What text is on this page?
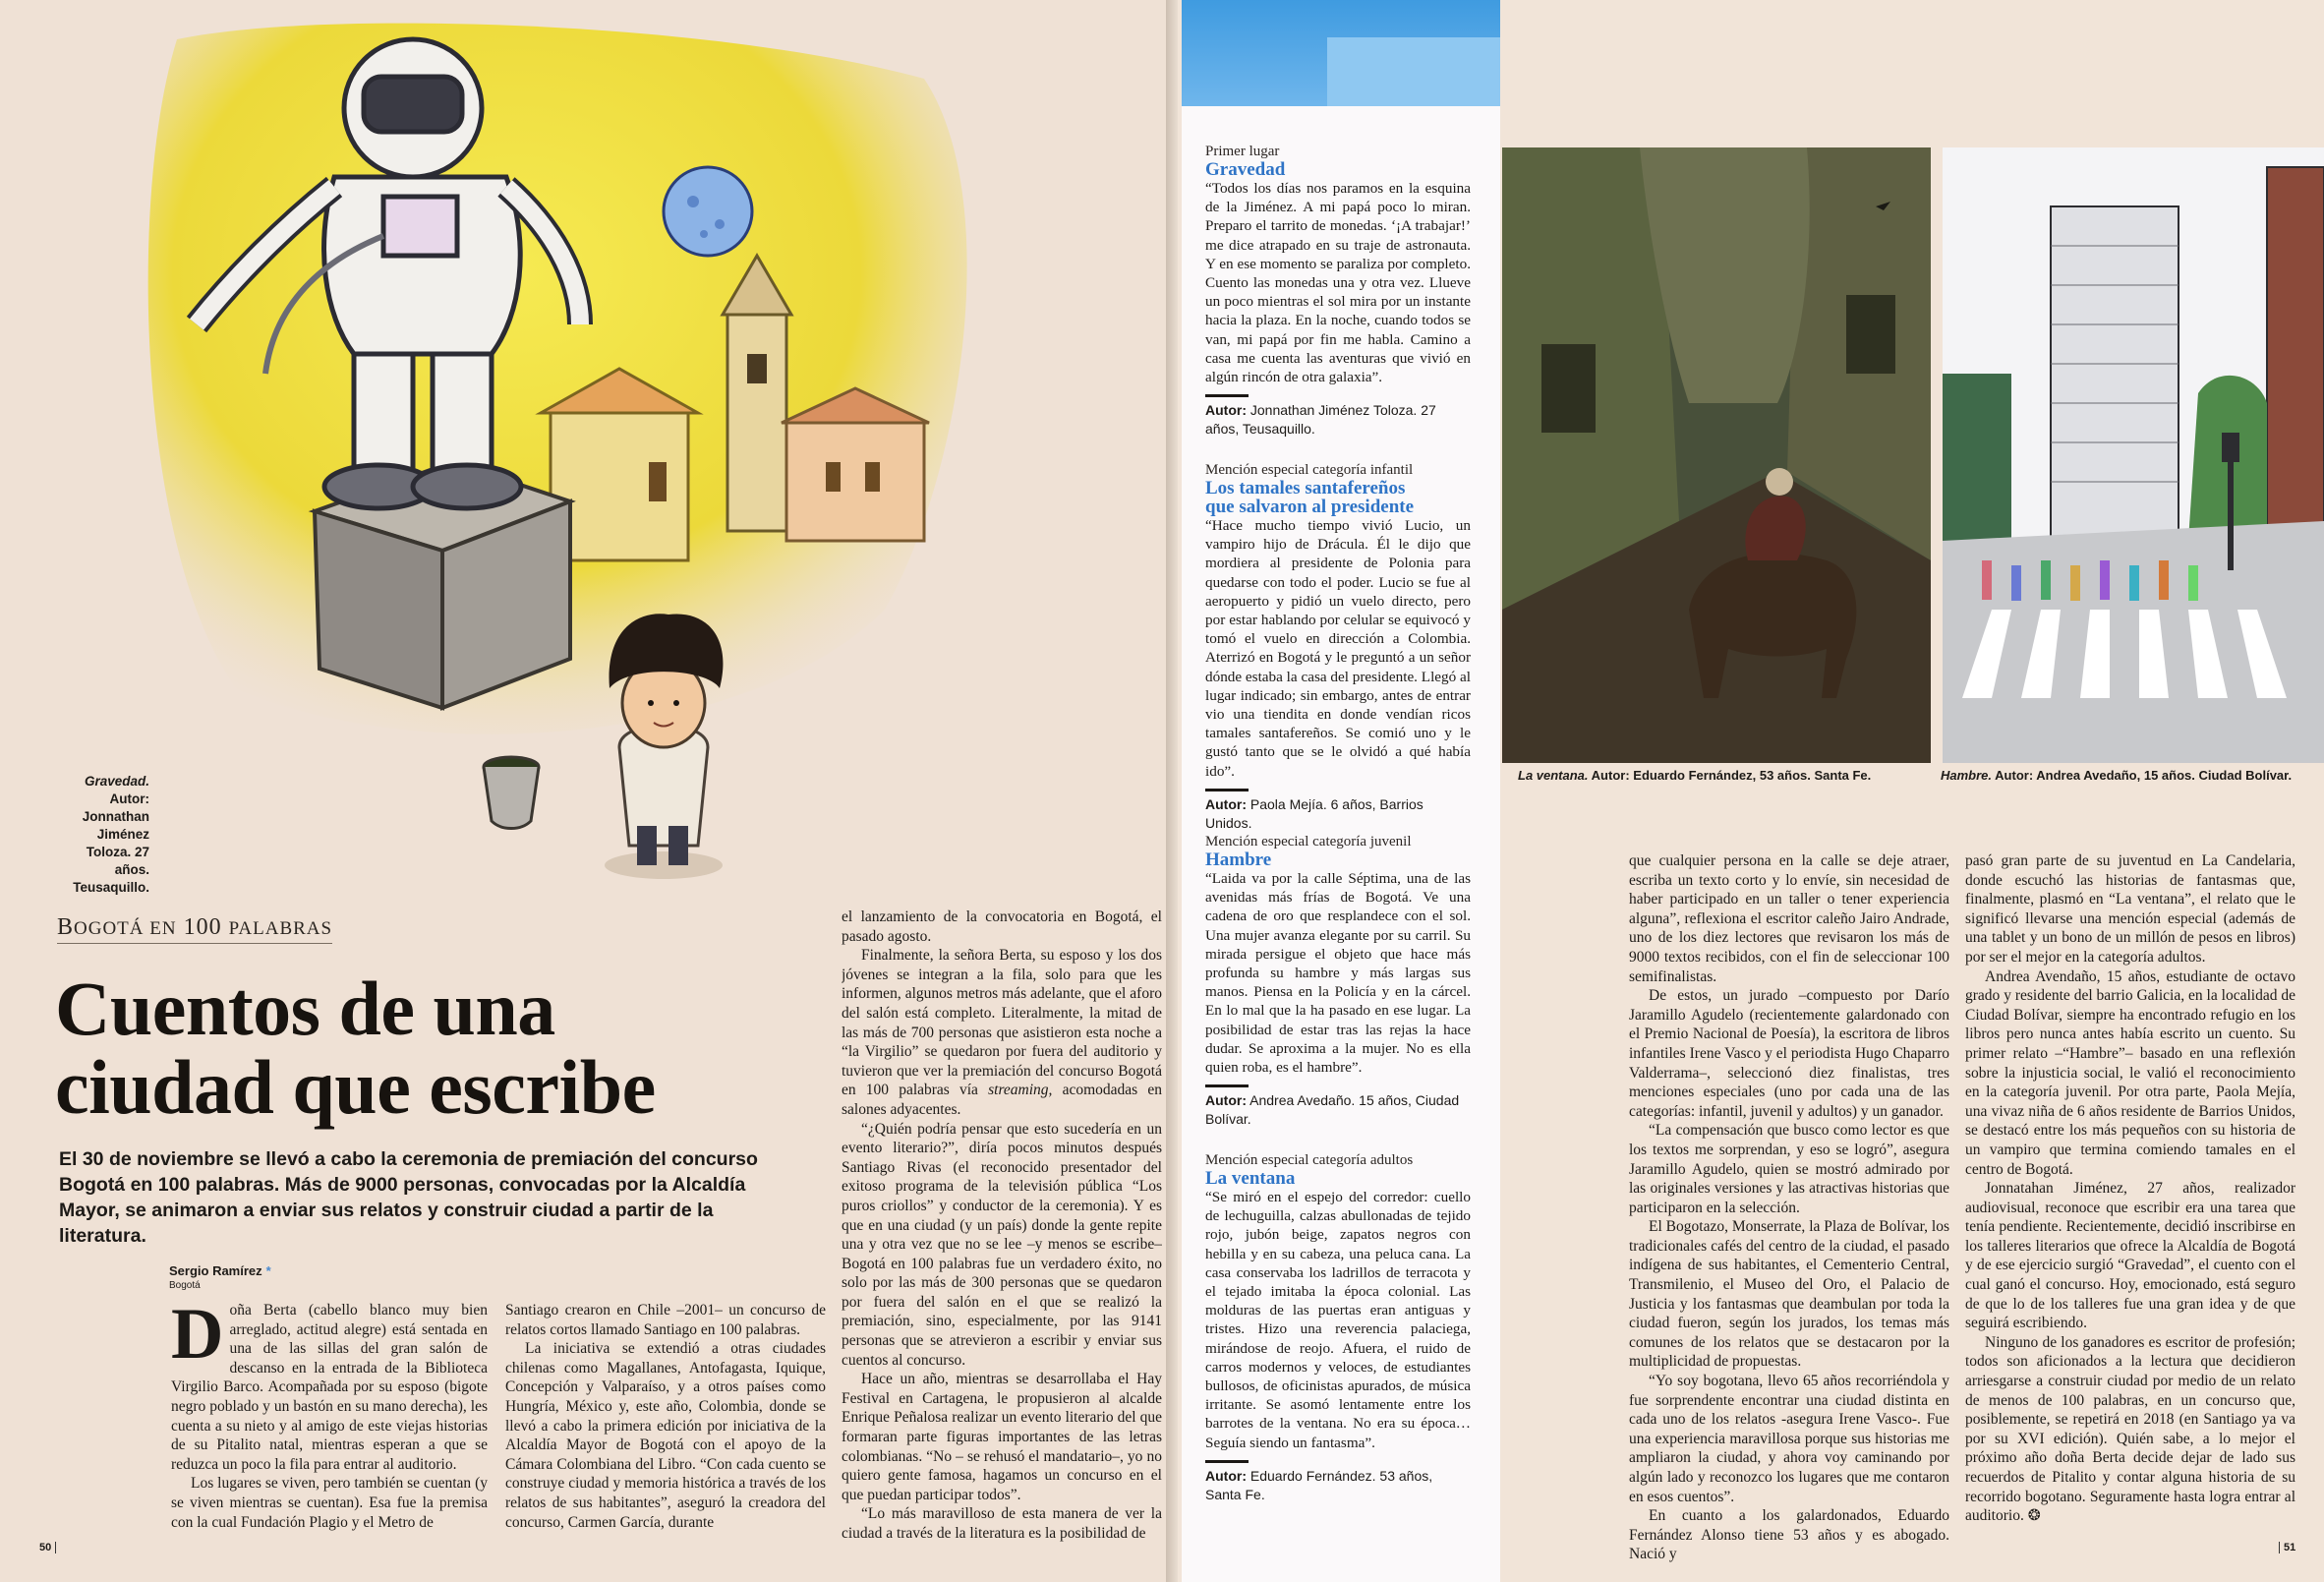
Gravedad.
Autor:
Jonnathan
Jiménez
Toloza. 27
años.
Teusaquillo.
BOGOTÁ EN 100 PALABRAS
Cuentos de una
ciudad que escribe
El 30 de noviembre se llevó a cabo la ceremonia de premiación del concurso Bogotá en 100 palabras. Más de 9000 personas, convocadas por la Alcaldía Mayor, se animaron a enviar sus relatos y construir ciudad a partir de la literatura.
Sergio Ramírez *
Bogotá

Doña Berta (cabello blanco muy bien arreglado, actitud alegre) está sentada en una de las sillas del gran salón de descanso en la entrada de la Biblioteca Virgilio Barco. Acompañada por su esposo (bigote negro poblado y un bastón en su mano derecha), les cuenta a su nieto y al amigo de este viejas historias de su Pitalito natal, mientras esperan a que se reduzca un poco la fila para entrar al auditorio.

Los lugares se viven, pero también se cuentan (y se viven mientras se cuentan). Esa fue la premisa con la cual Fundación Plagio y el Metro de

Santiago crearon en Chile –2001– un concurso de relatos cortos llamado Santiago en 100 palabras.

La iniciativa se extendió a otras ciudades chilenas como Magallanes, Antofagasta, Iquique, Concepción y Valparaíso, y a otros países como Hungría, México y, este año, Colombia, donde se llevó a cabo la primera edición por iniciativa de la Alcaldía Mayor de Bogotá con el apoyo de la Cámara Colombiana del Libro. “Con cada cuento se construye ciudad y memoria histórica a través de los relatos de sus habitantes”, aseguró la creadora del concurso, Carmen García, durante

el lanzamiento de la convocatoria en Bogotá, el pasado agosto.

Finalmente, la señora Berta, su esposo y los dos jóvenes se integran a la fila, solo para que les informen, algunos metros más adelante, que el aforo del salón está completo. Literalmente, la mitad de las más de 700 personas que asistieron esta noche a “la Virgilio” se quedaron por fuera del auditorio y tuvieron que ver la premiación del concurso Bogotá en 100 palabras vía streaming, acomodadas en salones adyacentes.

“¿Quién podría pensar que esto sucedería en un evento literario?”, diría pocos minutos después Santiago Rivas (el reconocido presentador del exitoso programa de la televisión pública “Los puros criollos” y conductor de la ceremonia). Y es que en una ciudad (y un país) donde la gente repite una y otra vez que no se lee –y menos se escribe– Bogotá en 100 palabras fue un verdadero éxito, no solo por las más de 300 personas que se quedaron por fuera del salón en el que se realizó la premiación, sino, especialmente, por las 9141 personas que se atrevieron a escribir y enviar sus cuentos al concurso.

Hace un año, mientras se desarrollaba el Hay Festival en Cartagena, le propusieron al alcalde Enrique Peñalosa realizar un evento literario del que formaran parte figuras importantes de las letras colombianas. “No – se rehusó el mandatario–, yo no quiero gente famosa, hagamos un concurso en el que puedan participar todos”.

“Lo más maravilloso de esta manera de ver la ciudad a través de la literatura es la posibilidad de

50
Primer lugar
Gravedad
“Todos los días nos paramos en la esquina de la Jiménez. A mi papá poco lo miran. Preparo el tarrito de monedas. ‘¡A trabajar!’ me dice atrapado en su traje de astronauta. Y en ese momento se paraliza por completo. Cuento las monedas una y otra vez. Llueve un poco mientras el sol mira por un instante hacia la plaza. En la noche, cuando todos se van, mi papá por fin me habla. Camino a casa me cuenta las aventuras que vivió en algún rincón de otra galaxia”.
Autor: Jonnathan Jiménez Toloza. 27 años, Teusaquillo.
Mención especial categoría infantil
Los tamales santafereños
que salvaron al presidente
“Hace mucho tiempo vivió Lucio, un vampiro hijo de Drácula. Él le dijo que mordiera al presidente de Polonia para quedarse con todo el poder. Lucio se fue al aeropuerto y pidió un vuelo directo, pero por estar hablando por celular se equivocó y tomó el vuelo en dirección a Colombia. Aterrizó en Bogotá y le preguntó a un señor dónde estaba la casa del presidente. Llegó al lugar indicado; sin embargo, antes de entrar vio una tiendita en donde vendían ricos tamales santafereños. Se comió uno y le gustó tanto que se le olvidó a qué había ido”.
Autor: Paola Mejía. 6 años, Barrios Unidos.
Mención especial categoría juvenil
Hambre
“Laida va por la calle Séptima, una de las avenidas más frías de Bogotá. Ve una cadena de oro que resplandece con el sol. Una mujer avanza elegante por su carril. Su mirada persigue el objeto que hace más profunda su hambre y más largas sus manos. Piensa en la Policía y en la cárcel. En lo mal que la ha pasado en ese lugar. La posibilidad de estar tras las rejas la hace dudar. Se aproxima a la mujer. No es ella quien roba, es el hambre”.
Autor: Andrea Avedaño. 15 años, Ciudad Bolívar.
Mención especial categoría adultos
La ventana
“Se miró en el espejo del corredor: cuello de lechuguilla, calzas abullonadas de tejido rojo, jubón beige, zapatos negros con hebilla y en su cabeza, una peluca cana. La casa conservaba los ladrillos de terracota y el tejado imitaba la época colonial. Las molduras de las puertas eran antiguas y tristes. Hizo una reverencia palaciega, mirándose de reojo. Afuera, el ruido de carros modernos y veloces, de estudiantes bullosos, de oficinistas apurados, de música irritante. Se asomó lentamente entre los barrotes de la ventana. No era su época… Seguía siendo un fantasma”.
Autor: Eduardo Fernández. 53 años, Santa Fe.
La ventana. Autor: Eduardo Fernández, 53 años. Santa Fe.	Hambre. Autor: Andrea Avedaño, 15 años. Ciudad Bolívar.

que cualquier persona en la calle se deje atraer, escriba un texto corto y lo envíe, sin necesidad de haber participado en un taller o tener experiencia alguna”, reflexiona el escritor caleño Jairo Andrade, uno de los diez lectores que revisaron los más de 9000 textos recibidos, con el fin de seleccionar 100 semifinalistas.

De estos, un jurado –compuesto por Darío Jaramillo Agudelo (recientemente galardonado con el Premio Nacional de Poesía), la escritora de libros infantiles Irene Vasco y el periodista Hugo Chaparro Valderrama–, seleccionó diez finalistas, tres menciones especiales (uno por cada una de las categorías: infantil, juvenil y adultos) y un ganador.

“La compensación que busco como lector es que los textos me sorprendan, y eso se logró”, asegura Jaramillo Agudelo, quien se mostró admirado por las originales versiones y las atractivas historias que participaron en la selección.

El Bogotazo, Monserrate, la Plaza de Bolívar, los tradicionales cafés del centro de la ciudad, el pasado indígena de sus habitantes, el Cementerio Central, Transmilenio, el Museo del Oro, el Palacio de Justicia y los fantasmas que deambulan por toda la ciudad fueron, según los jurados, los temas más comunes de los relatos que se destacaron por la multiplicidad de propuestas.

“Yo soy bogotana, llevo 65 años recorriéndola y fue sorprendente encontrar una ciudad distinta en cada uno de los relatos -asegura Irene Vasco-. Fue una experiencia maravillosa porque sus historias me ampliaron la ciudad, y ahora voy caminando por algún lado y reconozco los lugares que me contaron en esos cuentos”.

En cuanto a los galardonados, Eduardo Fernández Alonso tiene 53 años y es abogado. Nació y

pasó gran parte de su juventud en La Candelaria, donde escuchó las historias de fantasmas que, finalmente, plasmó en “La ventana”, el relato que le significó llevarse una mención especial (además de una tablet y un bono de un millón de pesos en libros) por ser el mejor en la categoría adultos.

Andrea Avendaño, 15 años, estudiante de octavo grado y residente del barrio Galicia, en la localidad de Ciudad Bolívar, siempre ha encontrado refugio en los libros pero nunca antes había escrito un cuento. Su primer relato –“Hambre”– basado en una reflexión sobre la injusticia social, le valió el reconocimiento en la categoría juvenil. Por otra parte, Paola Mejía, una vivaz niña de 6 años residente de Barrios Unidos, se destacó entre los más pequeños con su historia de un vampiro que termina comiendo tamales en el centro de Bogotá.

Jonnatahan Jiménez, 27 años, realizador audiovisual, reconoce que escribir era una tarea que tenía pendiente. Recientemente, decidió inscribirse en los talleres literarios que ofrece la Alcaldía de Bogotá y de ese ejercicio surgió “Gravedad”, el cuento con el cual ganó el concurso. Hoy, emocionado, está seguro de que lo de los talleres fue una gran idea y de que seguirá escribiendo.

Ninguno de los ganadores es escritor de profesión; todos son aficionados a la lectura que decidieron arriesgarse a construir ciudad por medio de un relato de menos de 100 palabras, en un concurso que, posiblemente, se repetirá en 2018 (en Santiago ya va por su XVI edición). Quién sabe, a lo mejor el próximo año doña Berta decide dejar de lado sus recuerdos de Pitalito y contar alguna historia de su recorrido bogotano. Seguramente hasta logra entrar al auditorio. ❂

51
